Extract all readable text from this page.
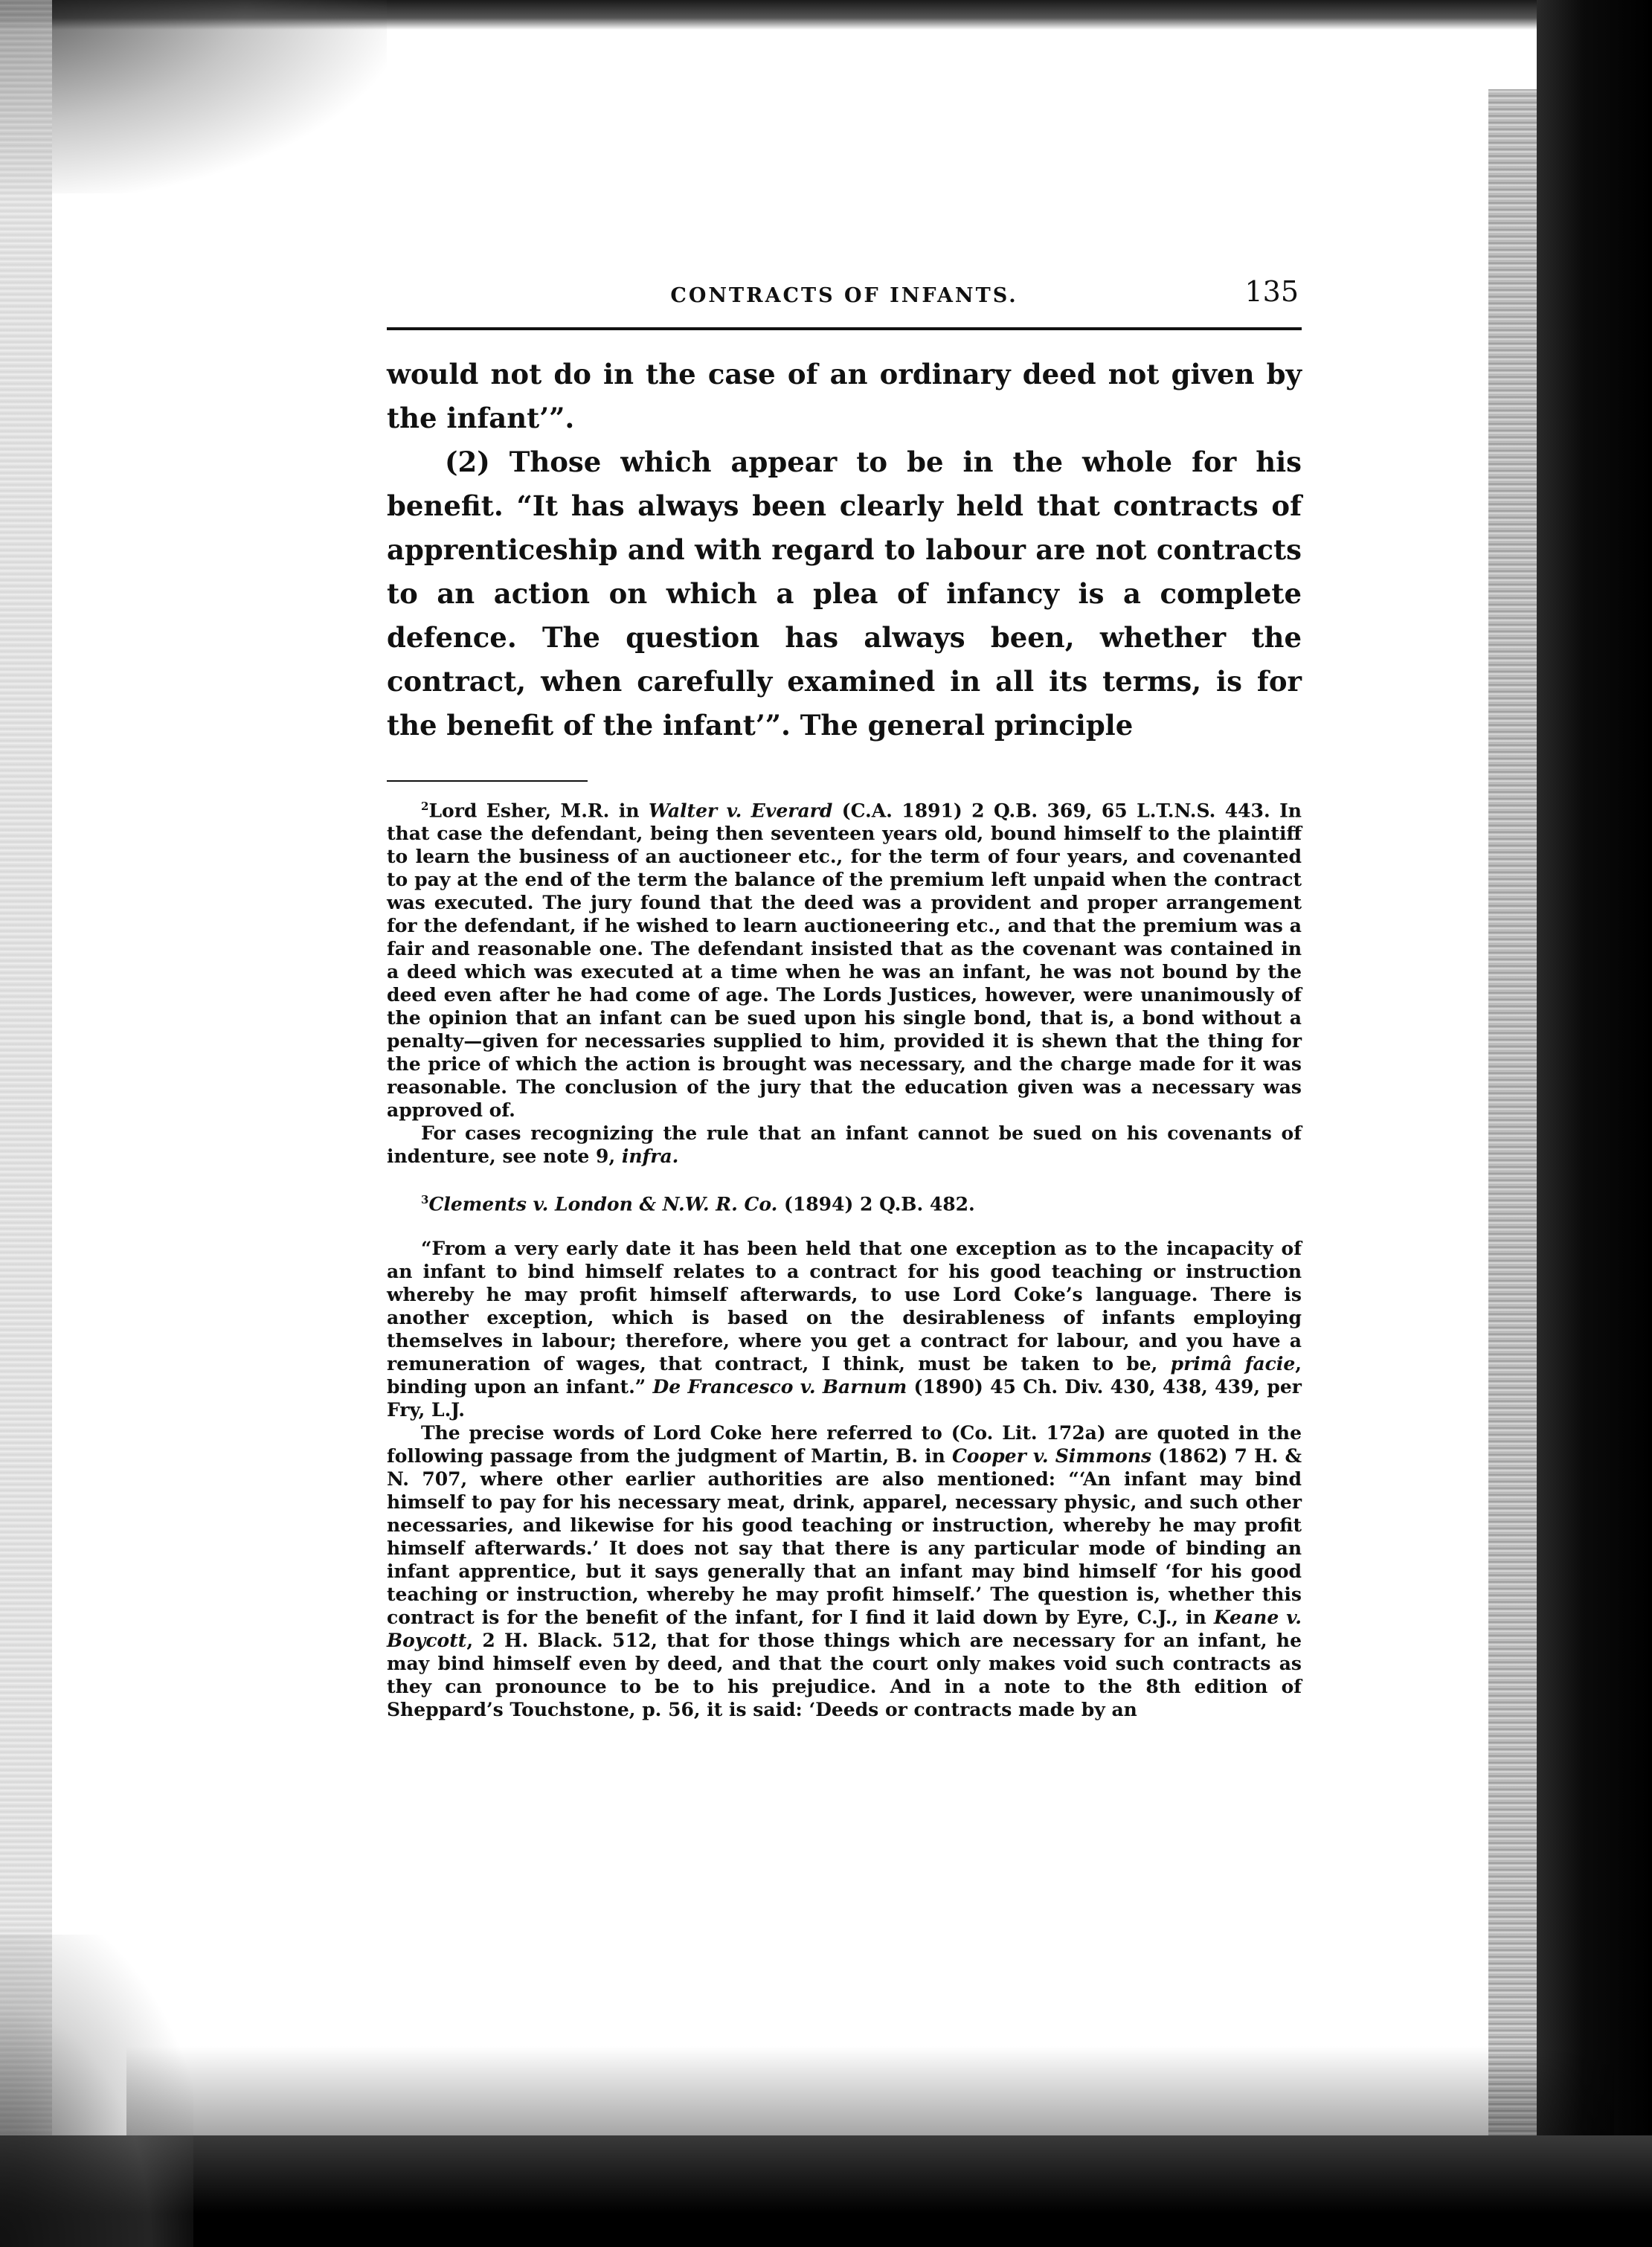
CONTRACTS OF INFANTS.	135

would not do in the case of an ordinary deed not given by the infant’”.

(2) Those which appear to be in the whole for his benefit. “It has always been clearly held that contracts of apprenticeship and with regard to labour are not contracts to an action on which a plea of infancy is a complete defence. The question has always been, whether the contract, when carefully examined in all its terms, is for the benefit of the infant’”. The general principle

$^2$Lord Esher, M.R. in Walter v. Everard (C.A. 1891) 2 Q.B. 369, 65 L.T.N.S. 443. In that case the defendant, being then seventeen years old, bound himself to the plaintiff to learn the business of an auctioneer etc., for the term of four years, and covenanted to pay at the end of the term the balance of the premium left unpaid when the contract was executed. The jury found that the deed was a provident and proper arrangement for the defendant, if he wished to learn auctioneering etc., and that the premium was a fair and reasonable one. The defendant insisted that as the covenant was contained in a deed which was executed at a time when he was an infant, he was not bound by the deed even after he had come of age. The Lords Justices, however, were unanimously of the opinion that an infant can be sued upon his single bond, that is, a bond without a penalty—given for necessaries supplied to him, provided it is shewn that the thing for the price of which the action is brought was necessary, and the charge made for it was reasonable. The conclusion of the jury that the education given was a necessary was approved of.

For cases recognizing the rule that an infant cannot be sued on his covenants of indenture, see note 9, infra.

$^3$Clements v. London & N.W. R. Co. (1894) 2 Q.B. 482.

“From a very early date it has been held that one exception as to the incapacity of an infant to bind himself relates to a contract for his good teaching or instruction whereby he may profit himself afterwards, to use Lord Coke’s language. There is another exception, which is based on the desirableness of infants employing themselves in labour; therefore, where you get a contract for labour, and you have a remuneration of wages, that contract, I think, must be taken to be, primâ facie, binding upon an infant.” De Francesco v. Barnum (1890) 45 Ch. Div. 430, 438, 439, per Fry, L.J.

The precise words of Lord Coke here referred to (Co. Lit. 172a) are quoted in the following passage from the judgment of Martin, B. in Cooper v. Simmons (1862) 7 H. & N. 707, where other earlier authorities are also mentioned: “‘An infant may bind himself to pay for his necessary meat, drink, apparel, necessary physic, and such other necessaries, and likewise for his good teaching or instruction, whereby he may profit himself afterwards.’ It does not say that there is any particular mode of binding an infant apprentice, but it says generally that an infant may bind himself ‘for his good teaching or instruction, whereby he may profit himself.’ The question is, whether this contract is for the benefit of the infant, for I find it laid down by Eyre, C.J., in Keane v. Boycott, 2 H. Black. 512, that for those things which are necessary for an infant, he may bind himself even by deed, and that the court only makes void such contracts as they can pronounce to be to his prejudice. And in a note to the 8th edition of Sheppard’s Touchstone, p. 56, it is said: ‘Deeds or contracts made by an
